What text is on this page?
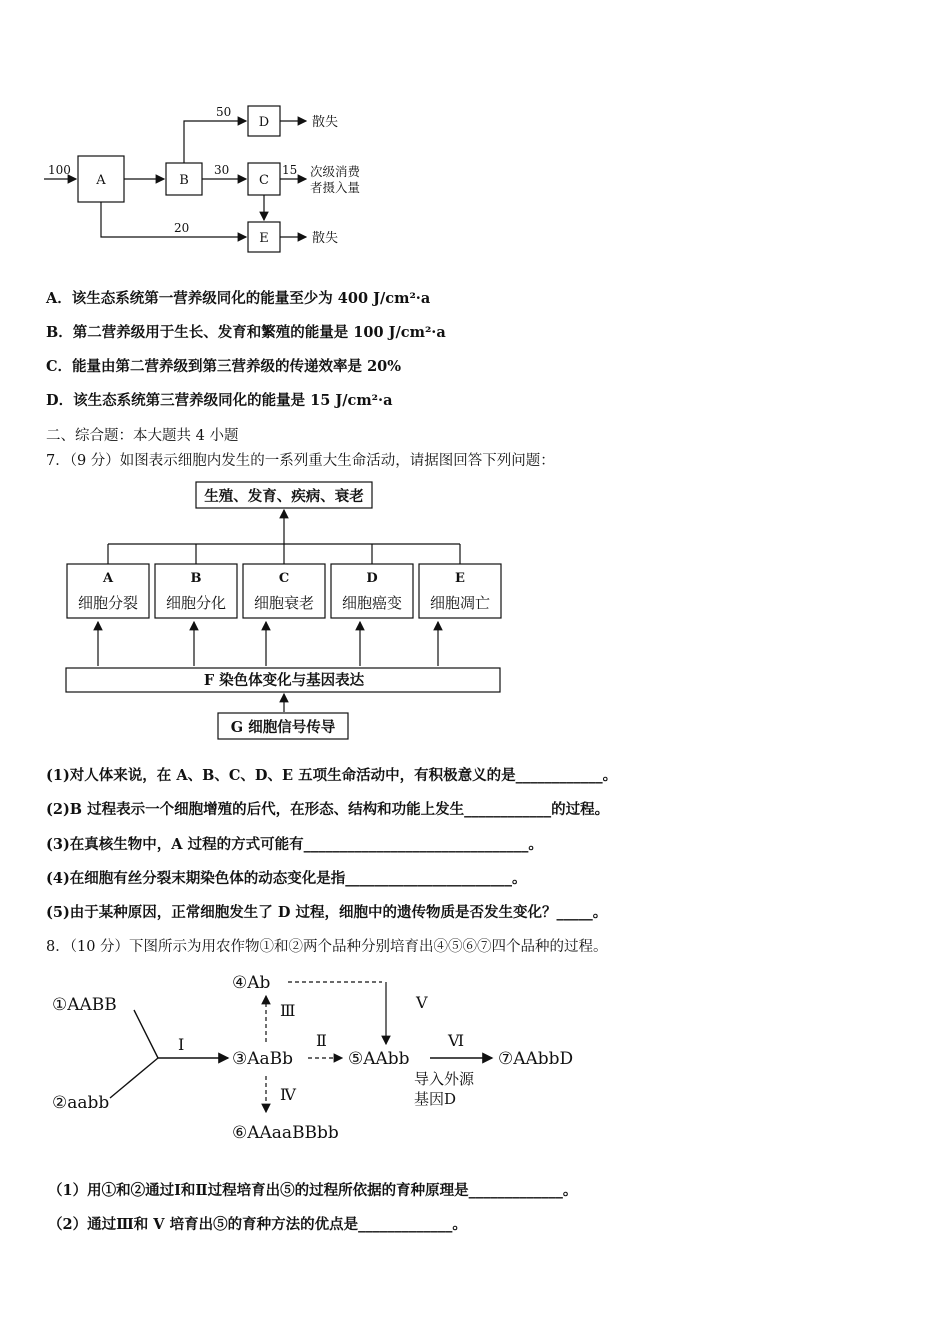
A	B	C
D
E
100
50
30	15 次级消费
者摄入量
20
散失
散失
A．该生态系统第一营养级同化的能量至少为 400 J/cm²·a
B．第二营养级用于生长、发育和繁殖的能量是 100 J/cm²·a
C．能量由第二营养级到第三营养级的传递效率是 20%
D．该生态系统第三营养级同化的能量是 15 J/cm²·a
二、综合题：本大题共 4 小题
7．（9 分）如图表示细胞内发生的一系列重大生命活动，请据图回答下列问题：
生殖、发育、疾病、衰老
A
细胞分裂
B
细胞分化
C
细胞衰老
D
细胞癌变
E
细胞凋亡
F 染色体变化与基因表达
G 细胞信号传导
(1)对人体来说，在 A、B、C、D、E 五项生命活动中，有积极意义的是____________。
(2)B 过程表示一个细胞增殖的后代，在形态、结构和功能上发生____________的过程。
(3)在真核生物中，A 过程的方式可能有_______________________________。
(4)在细胞有丝分裂末期染色体的动态变化是指_______________________。
(5)由于某种原因，正常细胞发生了 D 过程，细胞中的遗传物质是否发生变化？_____。
8．（10 分）下图所示为用农作物①和②两个品种分别培育出④⑤⑥⑦四个品种的过程。
①AABB
②aabb
Ⅰ
③AaBb
④Ab
Ⅲ	Ⅴ
Ⅱ
⑤AAbb
Ⅵ
⑦AAbbD
导入外源
基因D
Ⅳ
⑥AAaaBBbb
（1）用①和②通过Ⅰ和Ⅱ过程培育出⑤的过程所依据的育种原理是_____________。
（2）通过Ⅲ和 V 培育出⑤的育种方法的优点是_____________。
